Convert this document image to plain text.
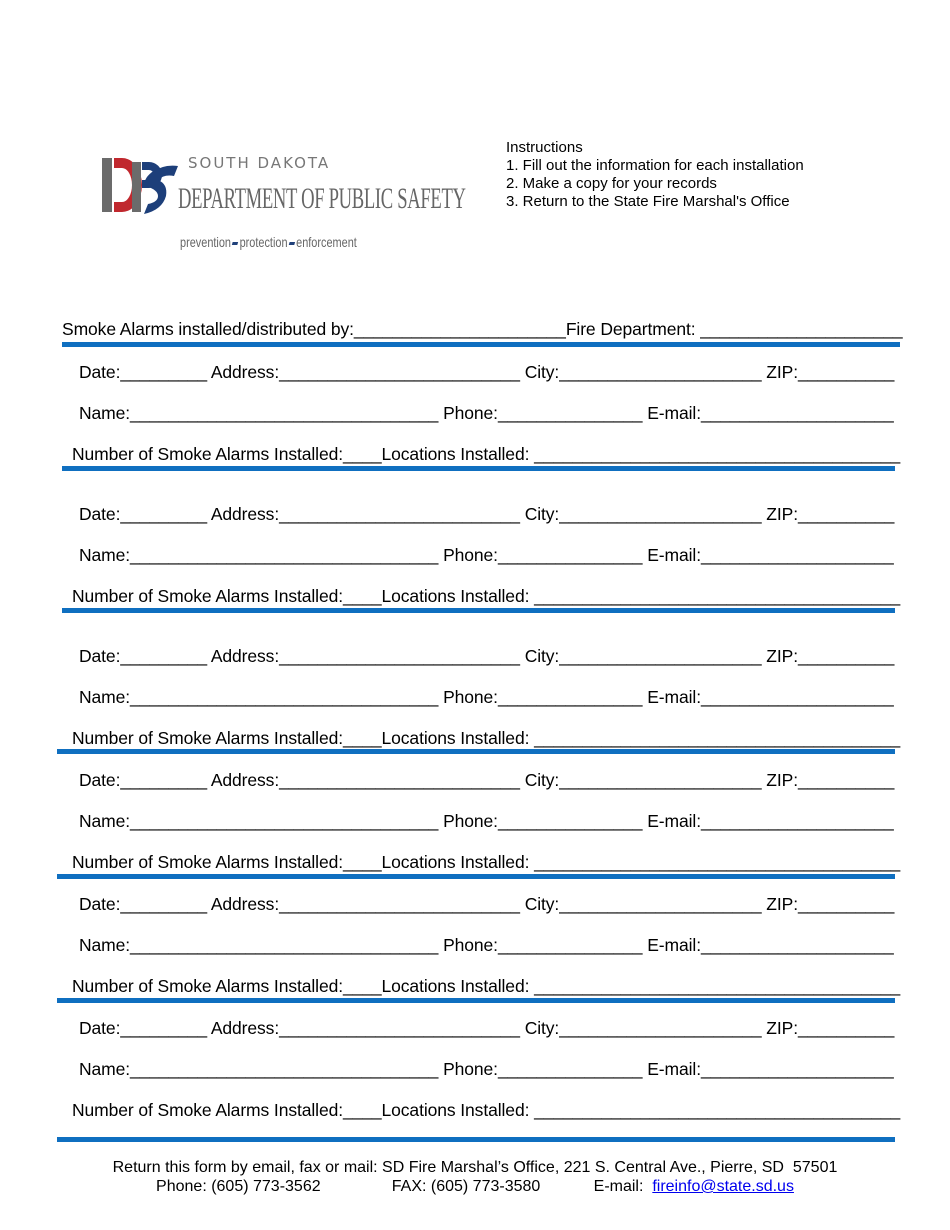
SOUTH DAKOTA
DEPARTMENT OF PUBLIC SAFETY
prevention protection enforcement
Instructions
1. Fill out the information for each installation
2. Make a copy for your records
3. Return to the State Fire Marshal's Office
Smoke Alarms installed/distributed by:______________________Fire Department: _____________________
Date:_________ Address:_________________________ City:_____________________ ZIP:__________
Name:________________________________ Phone:_______________ E-mail:____________________
Number of Smoke Alarms Installed:____Locations Installed: ______________________________________
Date:_________ Address:_________________________ City:_____________________ ZIP:__________
Name:________________________________ Phone:_______________ E-mail:____________________
Number of Smoke Alarms Installed:____Locations Installed: ______________________________________
Date:_________ Address:_________________________ City:_____________________ ZIP:__________
Name:________________________________ Phone:_______________ E-mail:____________________
Number of Smoke Alarms Installed:____Locations Installed: ______________________________________
Date:_________ Address:_________________________ City:_____________________ ZIP:__________
Name:________________________________ Phone:_______________ E-mail:____________________
Number of Smoke Alarms Installed:____Locations Installed: ______________________________________
Date:_________ Address:_________________________ City:_____________________ ZIP:__________
Name:________________________________ Phone:_______________ E-mail:____________________
Number of Smoke Alarms Installed:____Locations Installed: ______________________________________
Date:_________ Address:_________________________ City:_____________________ ZIP:__________
Name:________________________________ Phone:_______________ E-mail:____________________
Number of Smoke Alarms Installed:____Locations Installed: ______________________________________
Return this form by email, fax or mail: SD Fire Marshal’s Office, 221 S. Central Ave., Pierre, SD  57501
Phone: (605) 773-3562	FAX: (605) 773-3580	E-mail: fireinfo@state.sd.us
